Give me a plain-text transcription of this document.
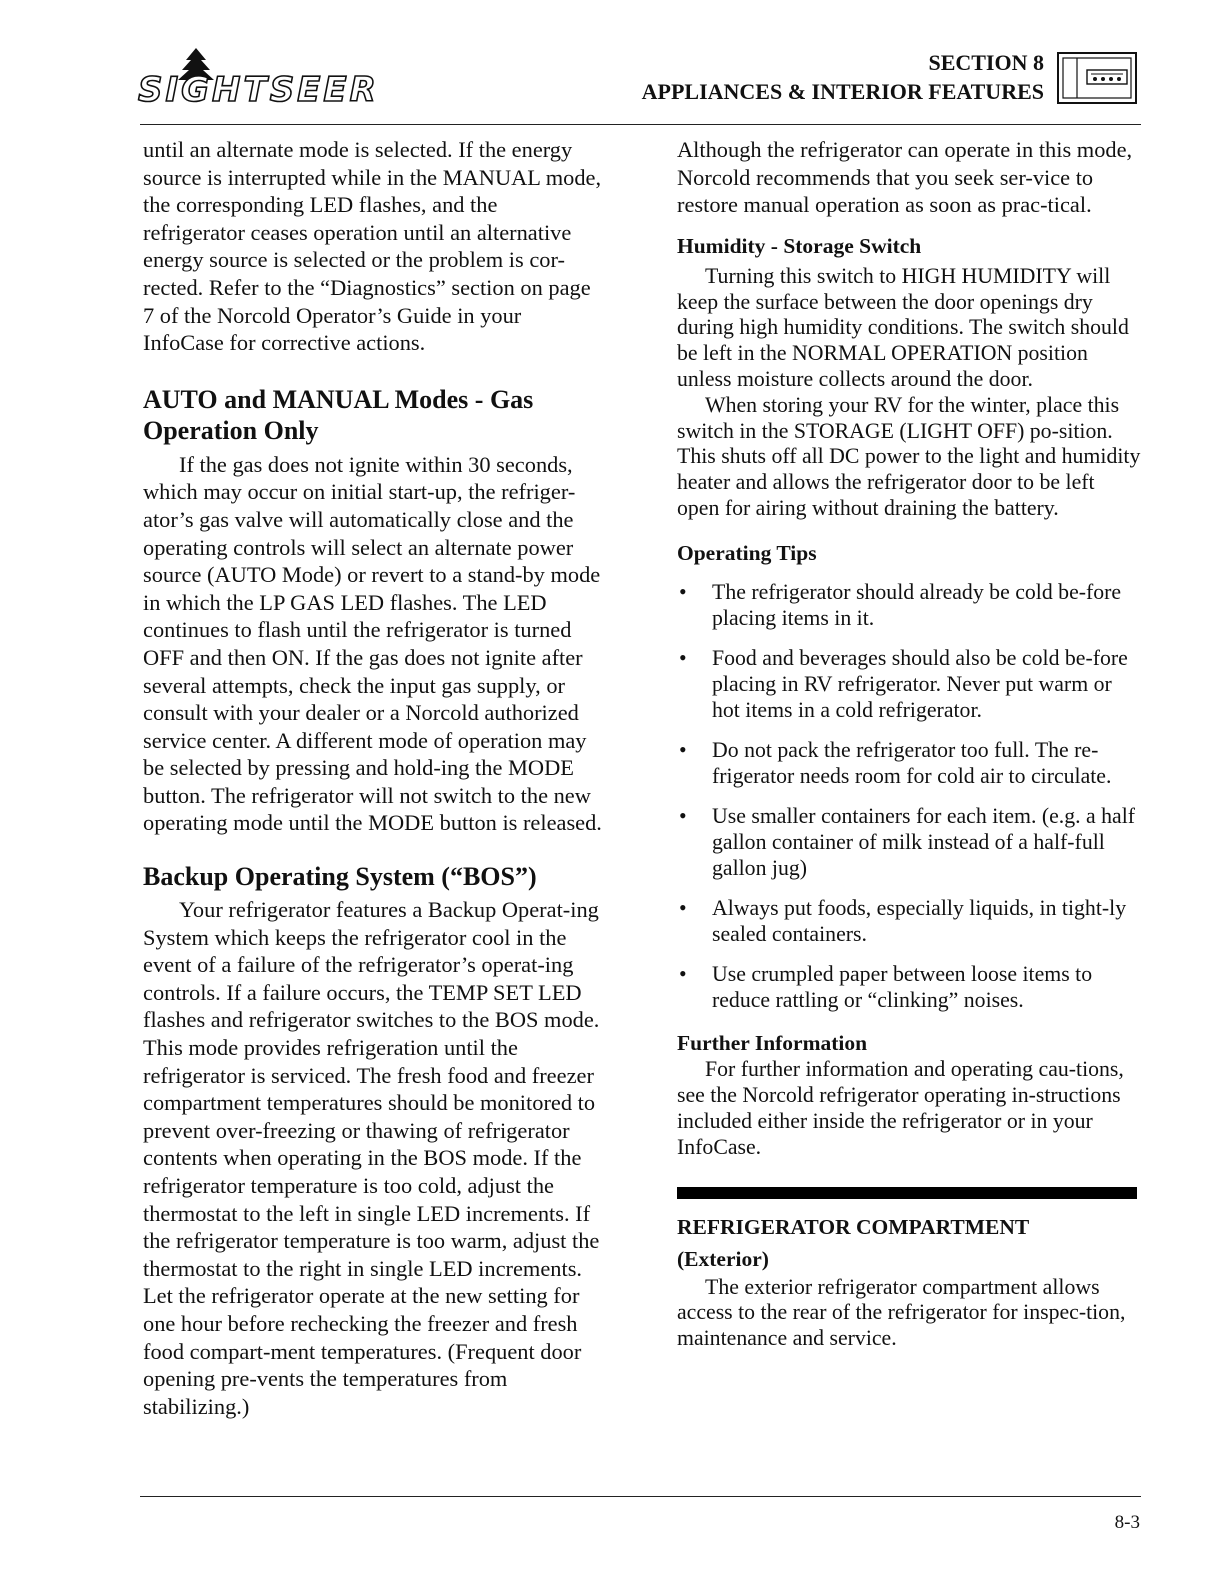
SIGHTSEER
SECTION 8
APPLIANCES & INTERIOR FEATURES

until an alternate mode is selected. If the energy source is interrupted while in the MANUAL mode, the corresponding LED flashes, and the refrigerator ceases operation until an alternative energy source is selected or the problem is cor-rected. Refer to the “Diagnostics” section on page 7 of the Norcold Operator’s Guide in your InfoCase for corrective actions.

AUTO and MANUAL Modes - Gas Operation Only

If the gas does not ignite within 30 seconds, which may occur on initial start-up, the refriger-ator’s gas valve will automatically close and the operating controls will select an alternate power source (AUTO Mode) or revert to a stand-by mode in which the LP GAS LED flashes. The LED continues to flash until the refrigerator is turned OFF and then ON. If the gas does not ignite after several attempts, check the input gas supply, or consult with your dealer or a Norcold authorized service center. A different mode of operation may be selected by pressing and hold-ing the MODE button. The refrigerator will not switch to the new operating mode until the MODE button is released.

Backup Operating System (“BOS”)

Your refrigerator features a Backup Operat-ing System which keeps the refrigerator cool in the event of a failure of the refrigerator’s operat-ing controls. If a failure occurs, the TEMP SET LED flashes and refrigerator switches to the BOS mode. This mode provides refrigeration until the refrigerator is serviced. The fresh food and freezer compartment temperatures should be monitored to prevent over-freezing or thawing of refrigerator contents when operating in the BOS mode. If the refrigerator temperature is too cold, adjust the thermostat to the left in single LED increments. If the refrigerator temperature is too warm, adjust the thermostat to the right in single LED increments. Let the refrigerator operate at the new setting for one hour before rechecking the freezer and fresh food compart-ment temperatures. (Frequent door opening pre-vents the temperatures from stabilizing.)

Although the refrigerator can operate in this mode, Norcold recommends that you seek ser-vice to restore manual operation as soon as prac-tical.

Humidity - Storage Switch

Turning this switch to HIGH HUMIDITY will keep the surface between the door openings dry during high humidity conditions. The switch should be left in the NORMAL OPERATION position unless moisture collects around the door.

When storing your RV for the winter, place this switch in the STORAGE (LIGHT OFF) po-sition. This shuts off all DC power to the light and humidity heater and allows the refrigerator door to be left open for airing without draining the battery.

Operating Tips
• The refrigerator should already be cold be-fore placing items in it.
• Food and beverages should also be cold be-fore placing in RV refrigerator. Never put warm or hot items in a cold refrigerator.
• Do not pack the refrigerator too full. The re-frigerator needs room for cold air to circulate.
• Use smaller containers for each item. (e.g. a half gallon container of milk instead of a half-full gallon jug)
• Always put foods, especially liquids, in tight-ly sealed containers.
• Use crumpled paper between loose items to reduce rattling or “clinking” noises.
Further Information

For further information and operating cau-tions, see the Norcold refrigerator operating in-structions included either inside the refrigerator or in your InfoCase.

REFRIGERATOR COMPARTMENT
(Exterior)

The exterior refrigerator compartment allows access to the rear of the refrigerator for inspec-tion, maintenance and service.

8-3
